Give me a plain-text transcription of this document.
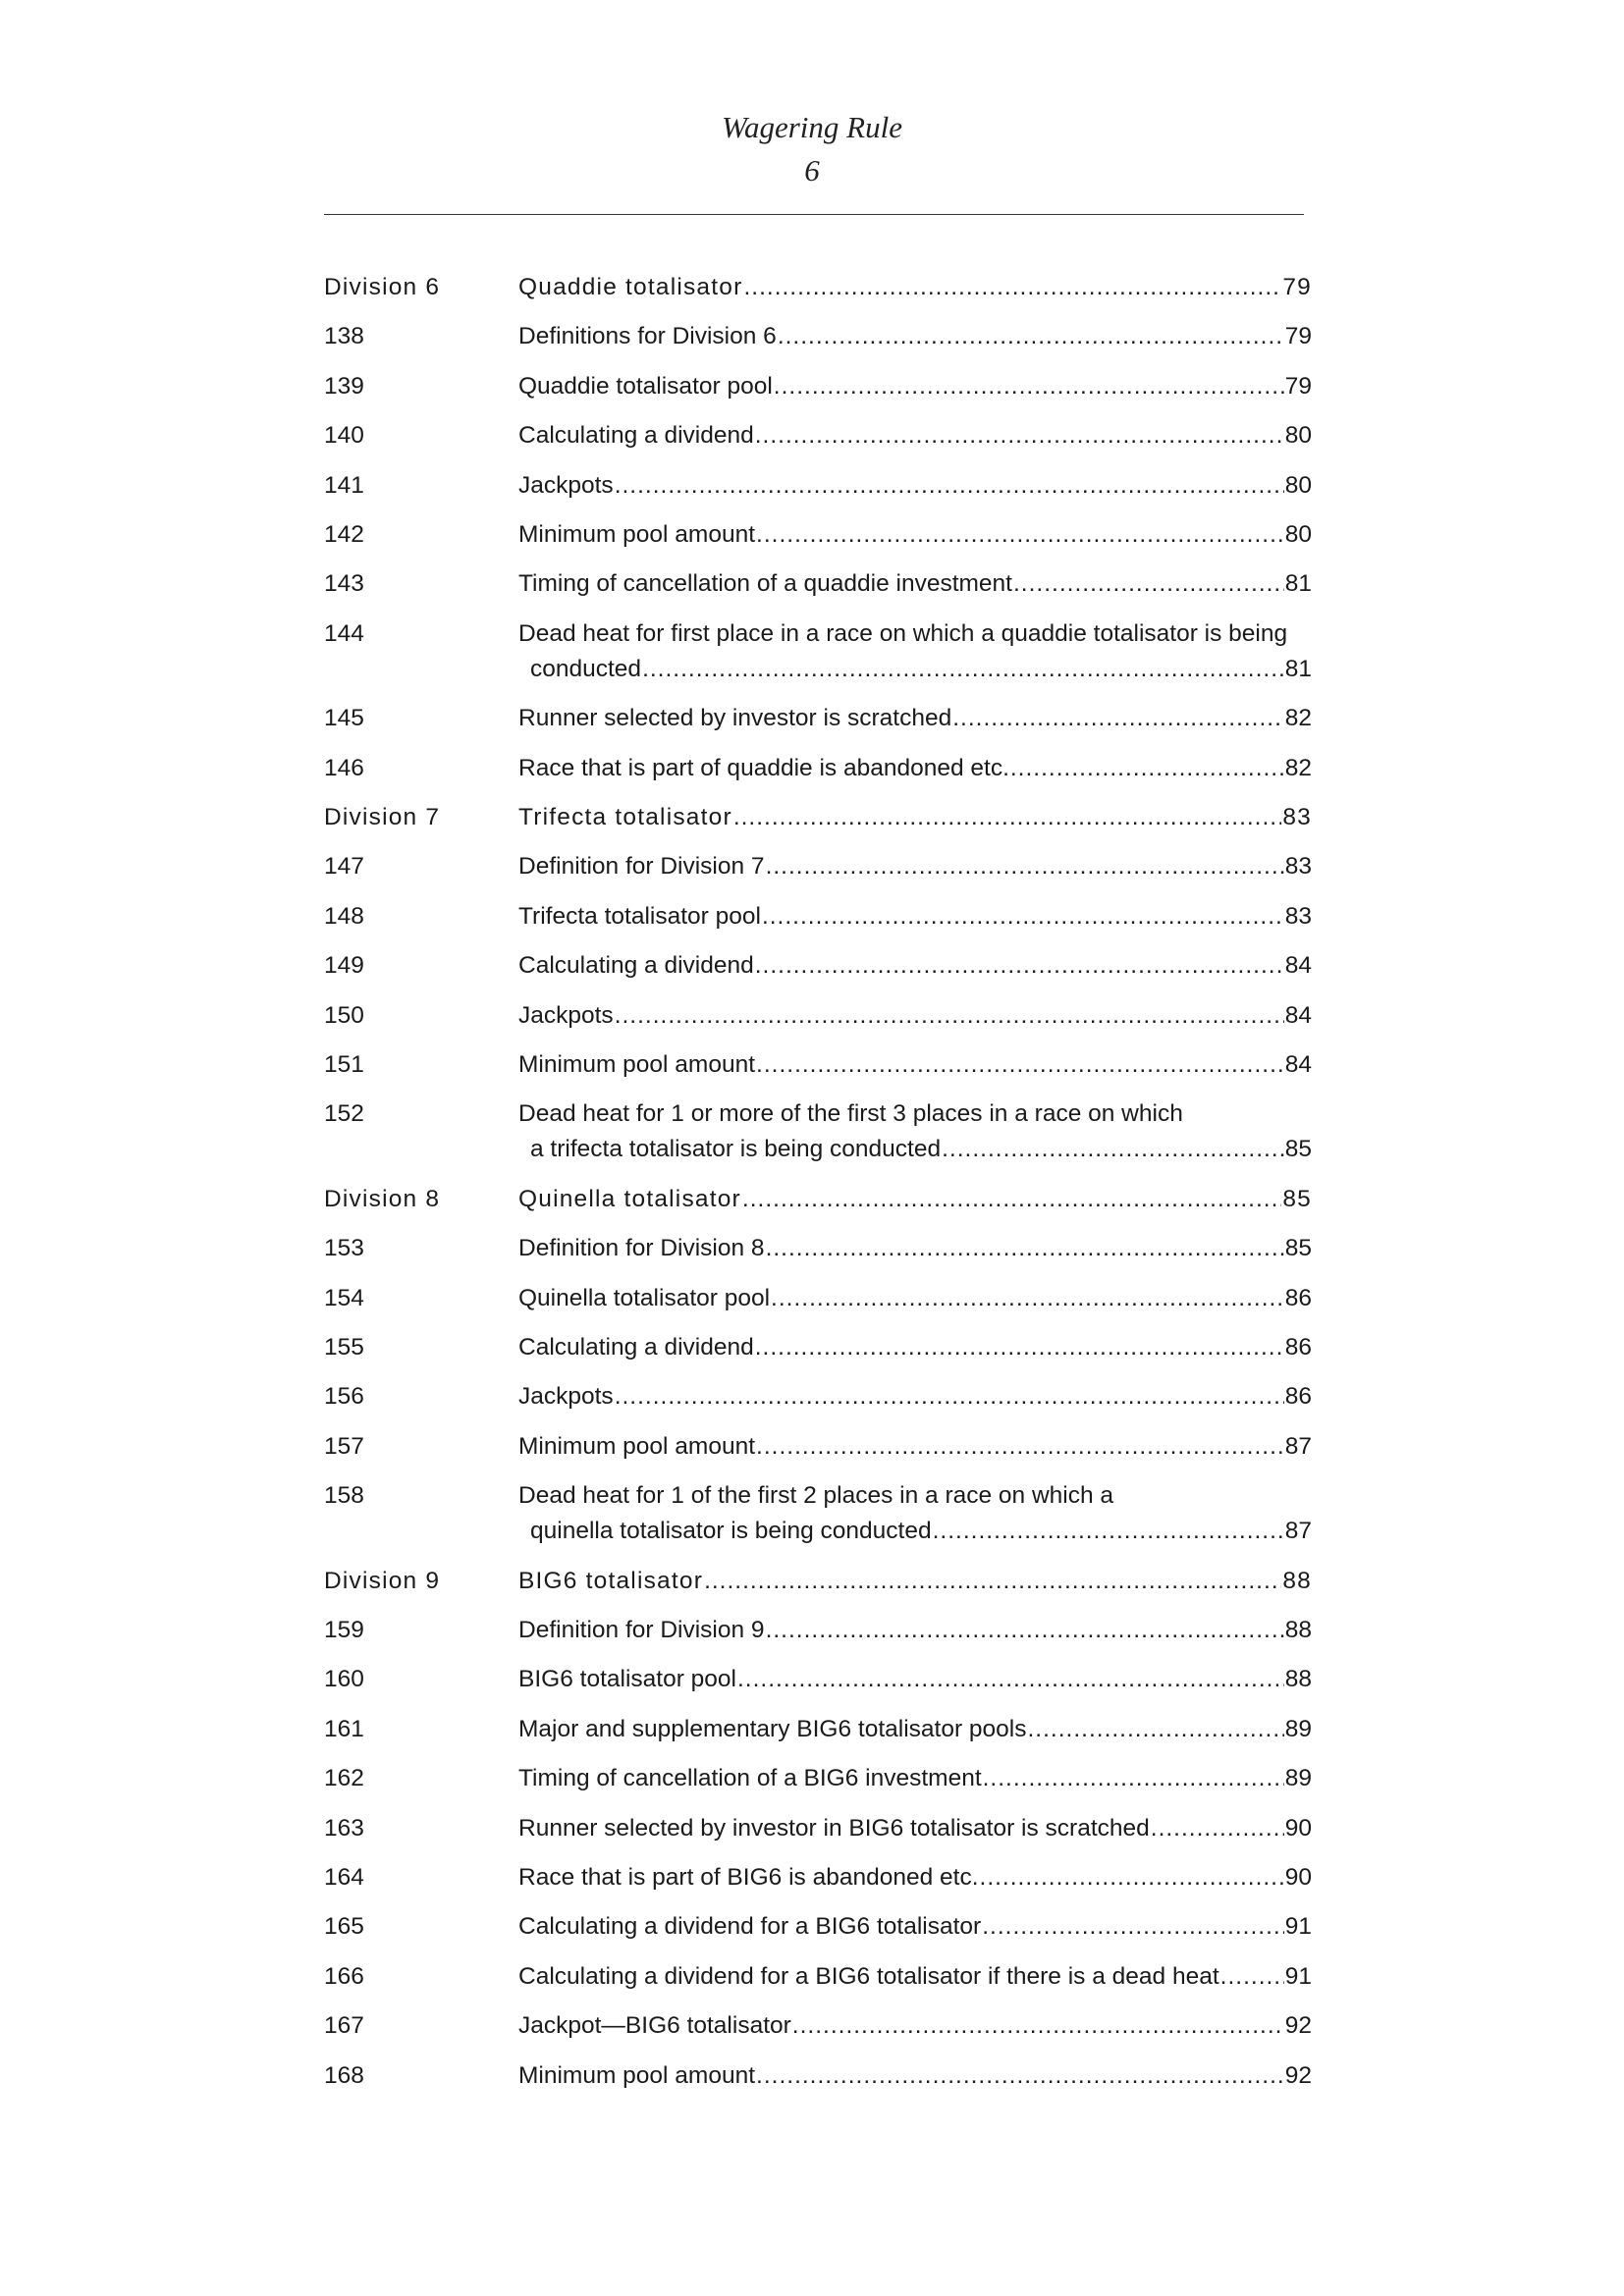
Wagering Rule
6
Division 6	Quaddie totalisator .....	79
138	Definitions for Division 6 .....	79
139	Quaddie totalisator pool .....	79
140	Calculating a dividend .....	80
141	Jackpots .....	80
142	Minimum pool amount .....	80
143	Timing of cancellation of a quaddie investment .....	81
144	Dead heat for first place in a race on which a quaddie totalisator is being
conducted .....	81
145	Runner selected by investor is scratched .....	82
146	Race that is part of quaddie is abandoned etc. .....	82
Division 7	Trifecta totalisator .....	83
147	Definition for Division 7 .....	83
148	Trifecta totalisator pool .....	83
149	Calculating a dividend .....	84
150	Jackpots .....	84
151	Minimum pool amount .....	84
152	Dead heat for 1 or more of the first 3 places in a race on which
a trifecta totalisator is being conducted .....	85
Division 8	Quinella totalisator .....	85
153	Definition for Division 8 .....	85
154	Quinella totalisator pool .....	86
155	Calculating a dividend .....	86
156	Jackpots .....	86
157	Minimum pool amount .....	87
158	Dead heat for 1 of the first 2 places in a race on which a
quinella totalisator is being conducted .....	87
Division 9	BIG6 totalisator .....	88
159	Definition for Division 9 .....	88
160	BIG6 totalisator pool .....	88
161	Major and supplementary BIG6 totalisator pools .....	89
162	Timing of cancellation of a BIG6 investment .....	89
163	Runner selected by investor in BIG6 totalisator is scratched .....	90
164	Race that is part of BIG6 is abandoned etc. .....	90
165	Calculating a dividend for a BIG6 totalisator .....	91
166	Calculating a dividend for a BIG6 totalisator if there is a dead heat .....	91
167	Jackpot—BIG6 totalisator .....	92
168	Minimum pool amount .....	92
